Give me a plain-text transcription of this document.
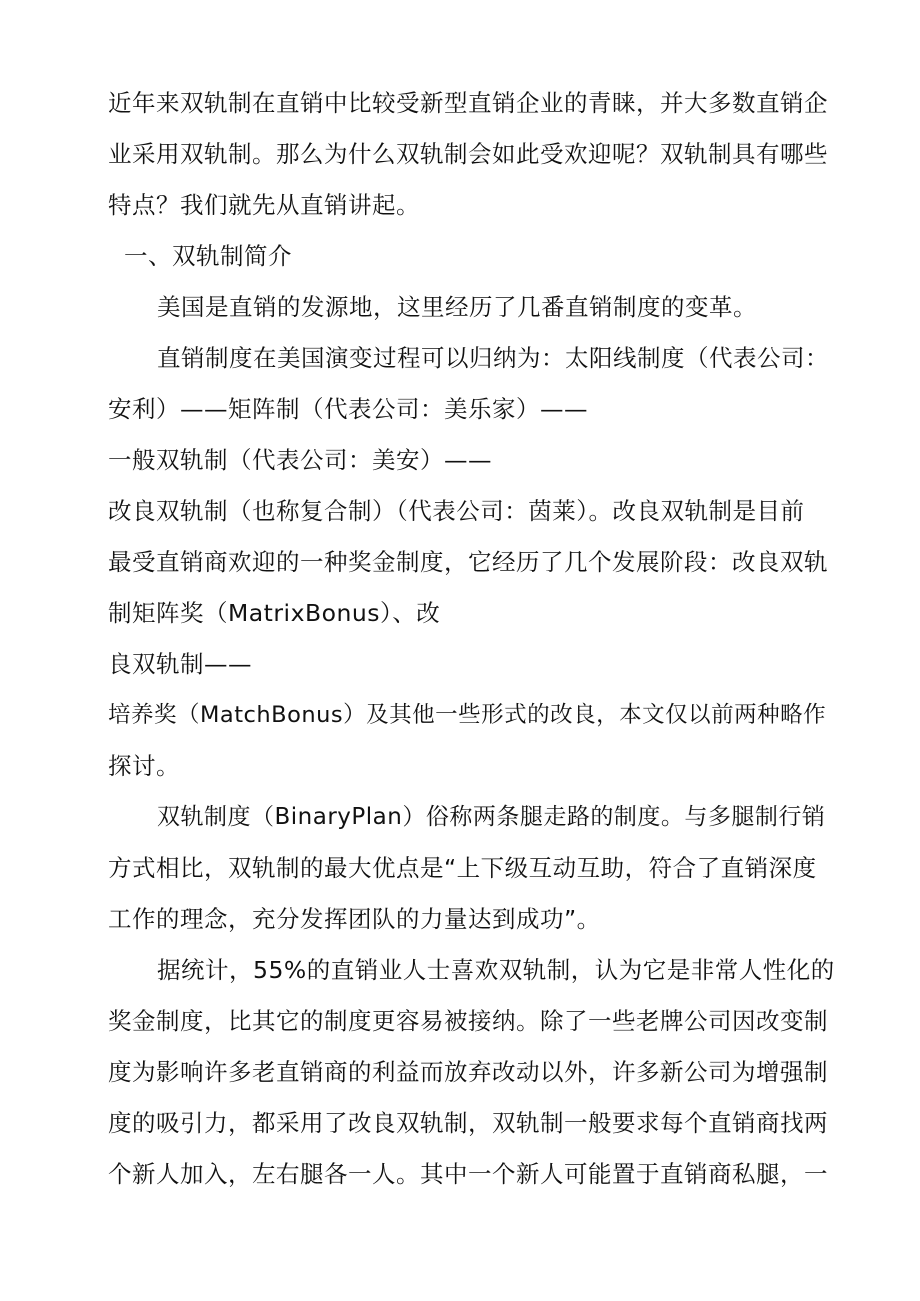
近年来双轨制在直销中比较受新型直销企业的青睐，并大多数直销企
业采用双轨制。那么为什么双轨制会如此受欢迎呢？双轨制具有哪些
特点？我们就先从直销讲起。
一、双轨制简介
美国是直销的发源地，这里经历了几番直销制度的变革。
直销制度在美国演变过程可以归纳为：太阳线制度（代表公司：
安利）——矩阵制（代表公司：美乐家）——
一般双轨制（代表公司：美安）——
改良双轨制（也称复合制）（代表公司：茵莱）。改良双轨制是目前
最受直销商欢迎的一种奖金制度，它经历了几个发展阶段：改良双轨
制矩阵奖（MatrixBonus）、改
良双轨制——
培养奖（MatchBonus）及其他一些形式的改良，本文仅以前两种略作
探讨。
双轨制度（BinaryPlan）俗称两条腿走路的制度。与多腿制行销
方式相比，双轨制的最大优点是“上下级互动互助，符合了直销深度
工作的理念，充分发挥团队的力量达到成功”。
据统计，55%的直销业人士喜欢双轨制，认为它是非常人性化的
奖金制度，比其它的制度更容易被接纳。除了一些老牌公司因改变制
度为影响许多老直销商的利益而放弃改动以外，许多新公司为增强制
度的吸引力，都采用了改良双轨制，双轨制一般要求每个直销商找两
个新人加入，左右腿各一人。其中一个新人可能置于直销商私腿，一
